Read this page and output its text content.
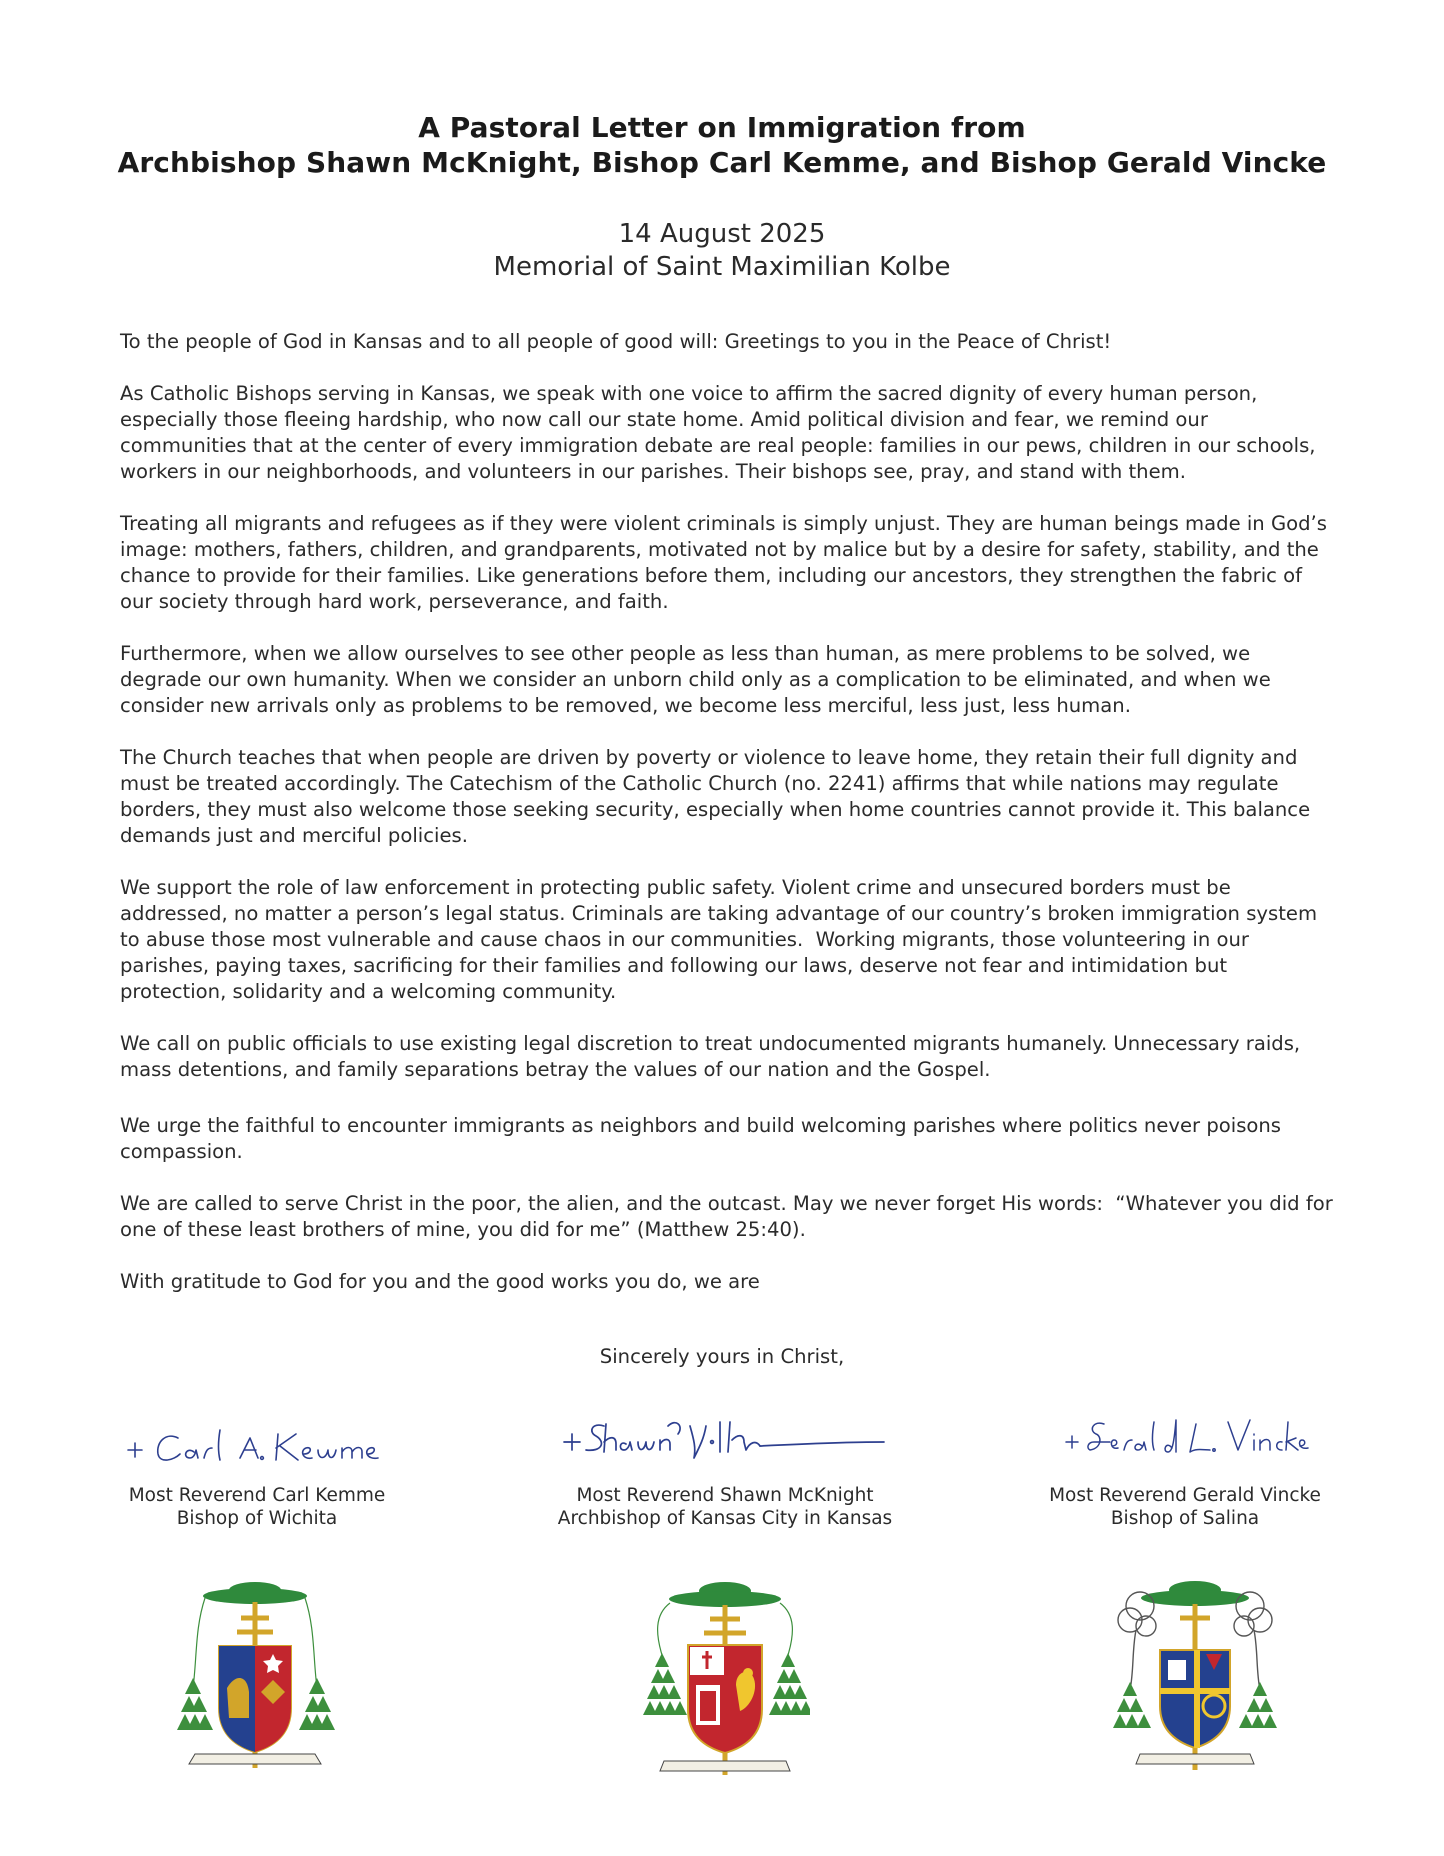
A Pastoral Letter on Immigration from
Archbishop Shawn McKnight, Bishop Carl Kemme, and Bishop Gerald Vincke
14 August 2025
Memorial of Saint Maximilian Kolbe

To the people of God in Kansas and to all people of good will: Greetings to you in the Peace of Christ!

As Catholic Bishops serving in Kansas, we speak with one voice to affirm the sacred dignity of every human person, especially those fleeing hardship, who now call our state home. Amid political division and fear, we remind our communities that at the center of every immigration debate are real people: families in our pews, children in our schools, workers in our neighborhoods, and volunteers in our parishes. Their bishops see, pray, and stand with them.

Treating all migrants and refugees as if they were violent criminals is simply unjust. They are human beings made in God’s image: mothers, fathers, children, and grandparents, motivated not by malice but by a desire for safety, stability, and the chance to provide for their families. Like generations before them, including our ancestors, they strengthen the fabric of our society through hard work, perseverance, and faith.

Furthermore, when we allow ourselves to see other people as less than human, as mere problems to be solved, we degrade our own humanity. When we consider an unborn child only as a complication to be eliminated, and when we consider new arrivals only as problems to be removed, we become less merciful, less just, less human.

The Church teaches that when people are driven by poverty or violence to leave home, they retain their full dignity and must be treated accordingly. The Catechism of the Catholic Church (no. 2241) affirms that while nations may regulate borders, they must also welcome those seeking security, especially when home countries cannot provide it. This balance demands just and merciful policies.

We support the role of law enforcement in protecting public safety. Violent crime and unsecured borders must be addressed, no matter a person’s legal status. Criminals are taking advantage of our country’s broken immigration system to abuse those most vulnerable and cause chaos in our communities.  Working migrants, those volunteering in our parishes, paying taxes, sacrificing for their families and following our laws, deserve not fear and intimidation but protection, solidarity and a welcoming community.

We call on public officials to use existing legal discretion to treat undocumented migrants humanely. Unnecessary raids, mass detentions, and family separations betray the values of our nation and the Gospel.

We urge the faithful to encounter immigrants as neighbors and build welcoming parishes where politics never poisons compassion.

We are called to serve Christ in the poor, the alien, and the outcast. May we never forget His words:  “Whatever you did for one of these least brothers of mine, you did for me” (Matthew 25:40).

With gratitude to God for you and the good works you do, we are

Sincerely yours in Christ,
Most Reverend Carl Kemme
Bishop of Wichita
Most Reverend Shawn McKnight
Archbishop of Kansas City in Kansas
Most Reverend Gerald Vincke
Bishop of Salina
